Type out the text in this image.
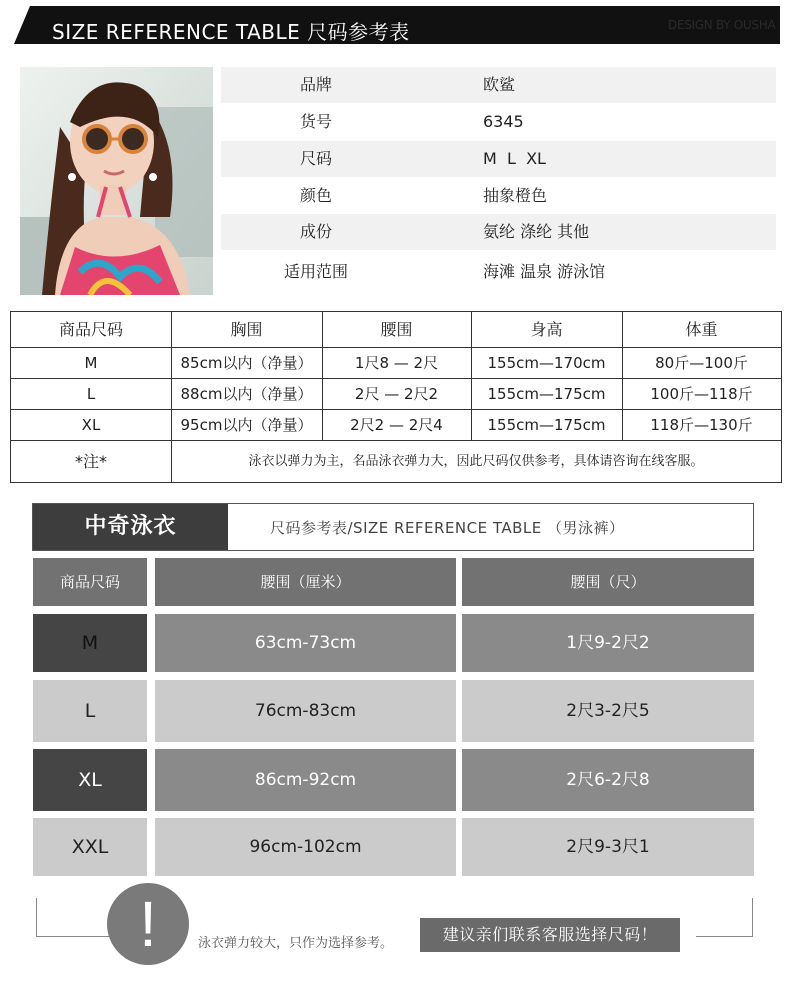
SIZE REFERENCE TABLE 尺码参考表	DESIGN BY OUSHA
品牌	欧鲨
货号	6345
尺码	M  L  XL
颜色	抽象橙色
成份	氨纶 涤纶 其他
适用范围	海滩 温泉 游泳馆
商品尺码	胸围	腰围	身高	体重
M	85cm以内（净量）	1尺8 — 2尺	155cm—170cm	80斤—100斤
L	88cm以内（净量）	2尺 — 2尺2	155cm—175cm	100斤—118斤
XL	95cm以内（净量）	2尺2 — 2尺4	155cm—175cm	118斤—130斤
*注*	泳衣以弹力为主，名品泳衣弹力大，因此尺码仅供参考，具体请咨询在线客服。
中奇泳衣	尺码参考表/SIZE REFERENCE TABLE （男泳裤）
商品尺码	腰围（厘米）	腰围（尺）
M	63cm-73cm	1尺9-2尺2
L	76cm-83cm	2尺3-2尺5
XL	86cm-92cm	2尺6-2尺8
XXL	96cm-102cm	2尺9-3尺1
!	泳衣弹力较大，只作为选择参考。	建议亲们联系客服选择尺码！
